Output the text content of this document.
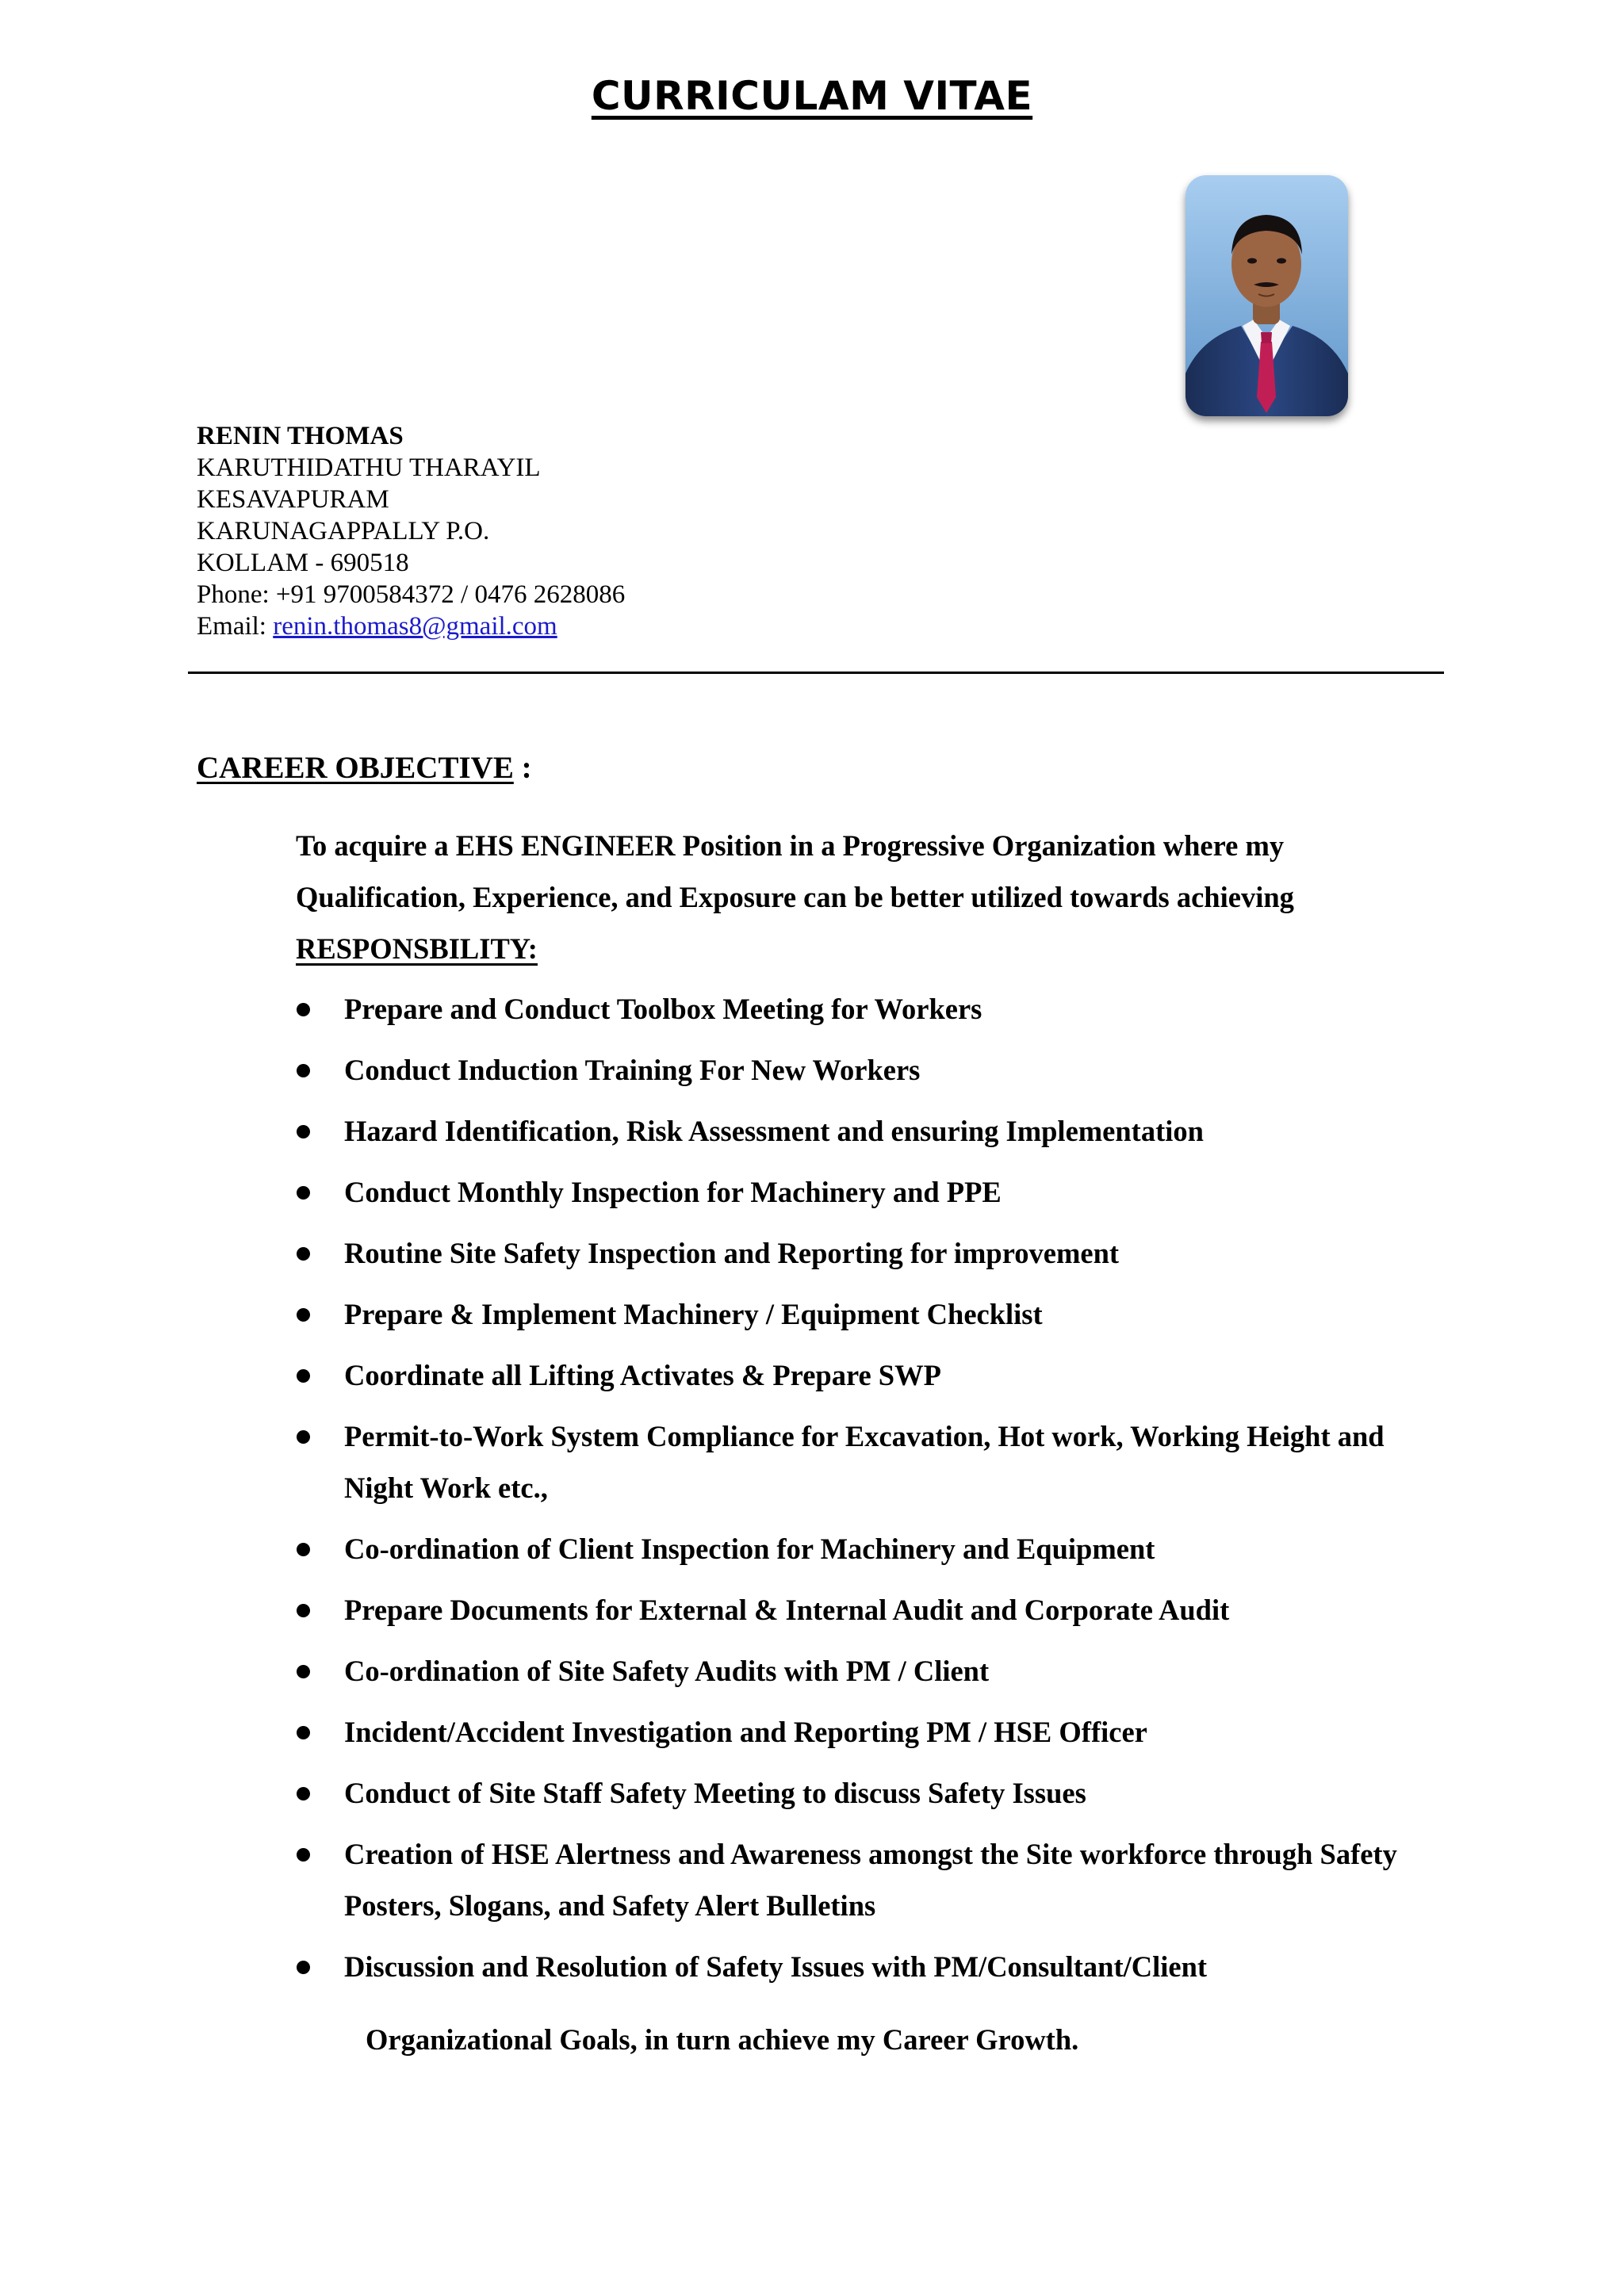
CURRICULAM VITAE
RENIN THOMAS
KARUTHIDATHU THARAYIL
KESAVAPURAM
KARUNAGAPPALLY P.O.
KOLLAM - 690518
Phone: +91 9700584372 / 0476 2628086
Email: renin.thomas8@gmail.com
CAREER OBJECTIVE :
To acquire a EHS ENGINEER Position in a Progressive Organization where my Qualification, Experience, and Exposure can be better utilized towards achieving
RESPONSBILITY:
Prepare and Conduct Toolbox Meeting for Workers
Conduct Induction Training For New Workers
Hazard Identification, Risk Assessment and ensuring Implementation
Conduct Monthly Inspection for Machinery and PPE
Routine Site Safety Inspection and Reporting for improvement
Prepare & Implement Machinery / Equipment Checklist
Coordinate all Lifting Activates & Prepare SWP
Permit-to-Work System Compliance for Excavation, Hot work, Working Height and Night Work etc.,
Co-ordination of Client Inspection for Machinery and Equipment
Prepare Documents for External & Internal Audit and Corporate Audit
Co-ordination of Site Safety Audits with PM / Client
Incident/Accident Investigation and Reporting PM / HSE Officer
Conduct of Site Staff Safety Meeting to discuss Safety Issues
Creation of HSE Alertness and Awareness amongst the Site workforce through Safety Posters, Slogans, and Safety Alert Bulletins
Discussion and Resolution of Safety Issues with PM/Consultant/Client
Organizational Goals, in turn achieve my Career Growth.
